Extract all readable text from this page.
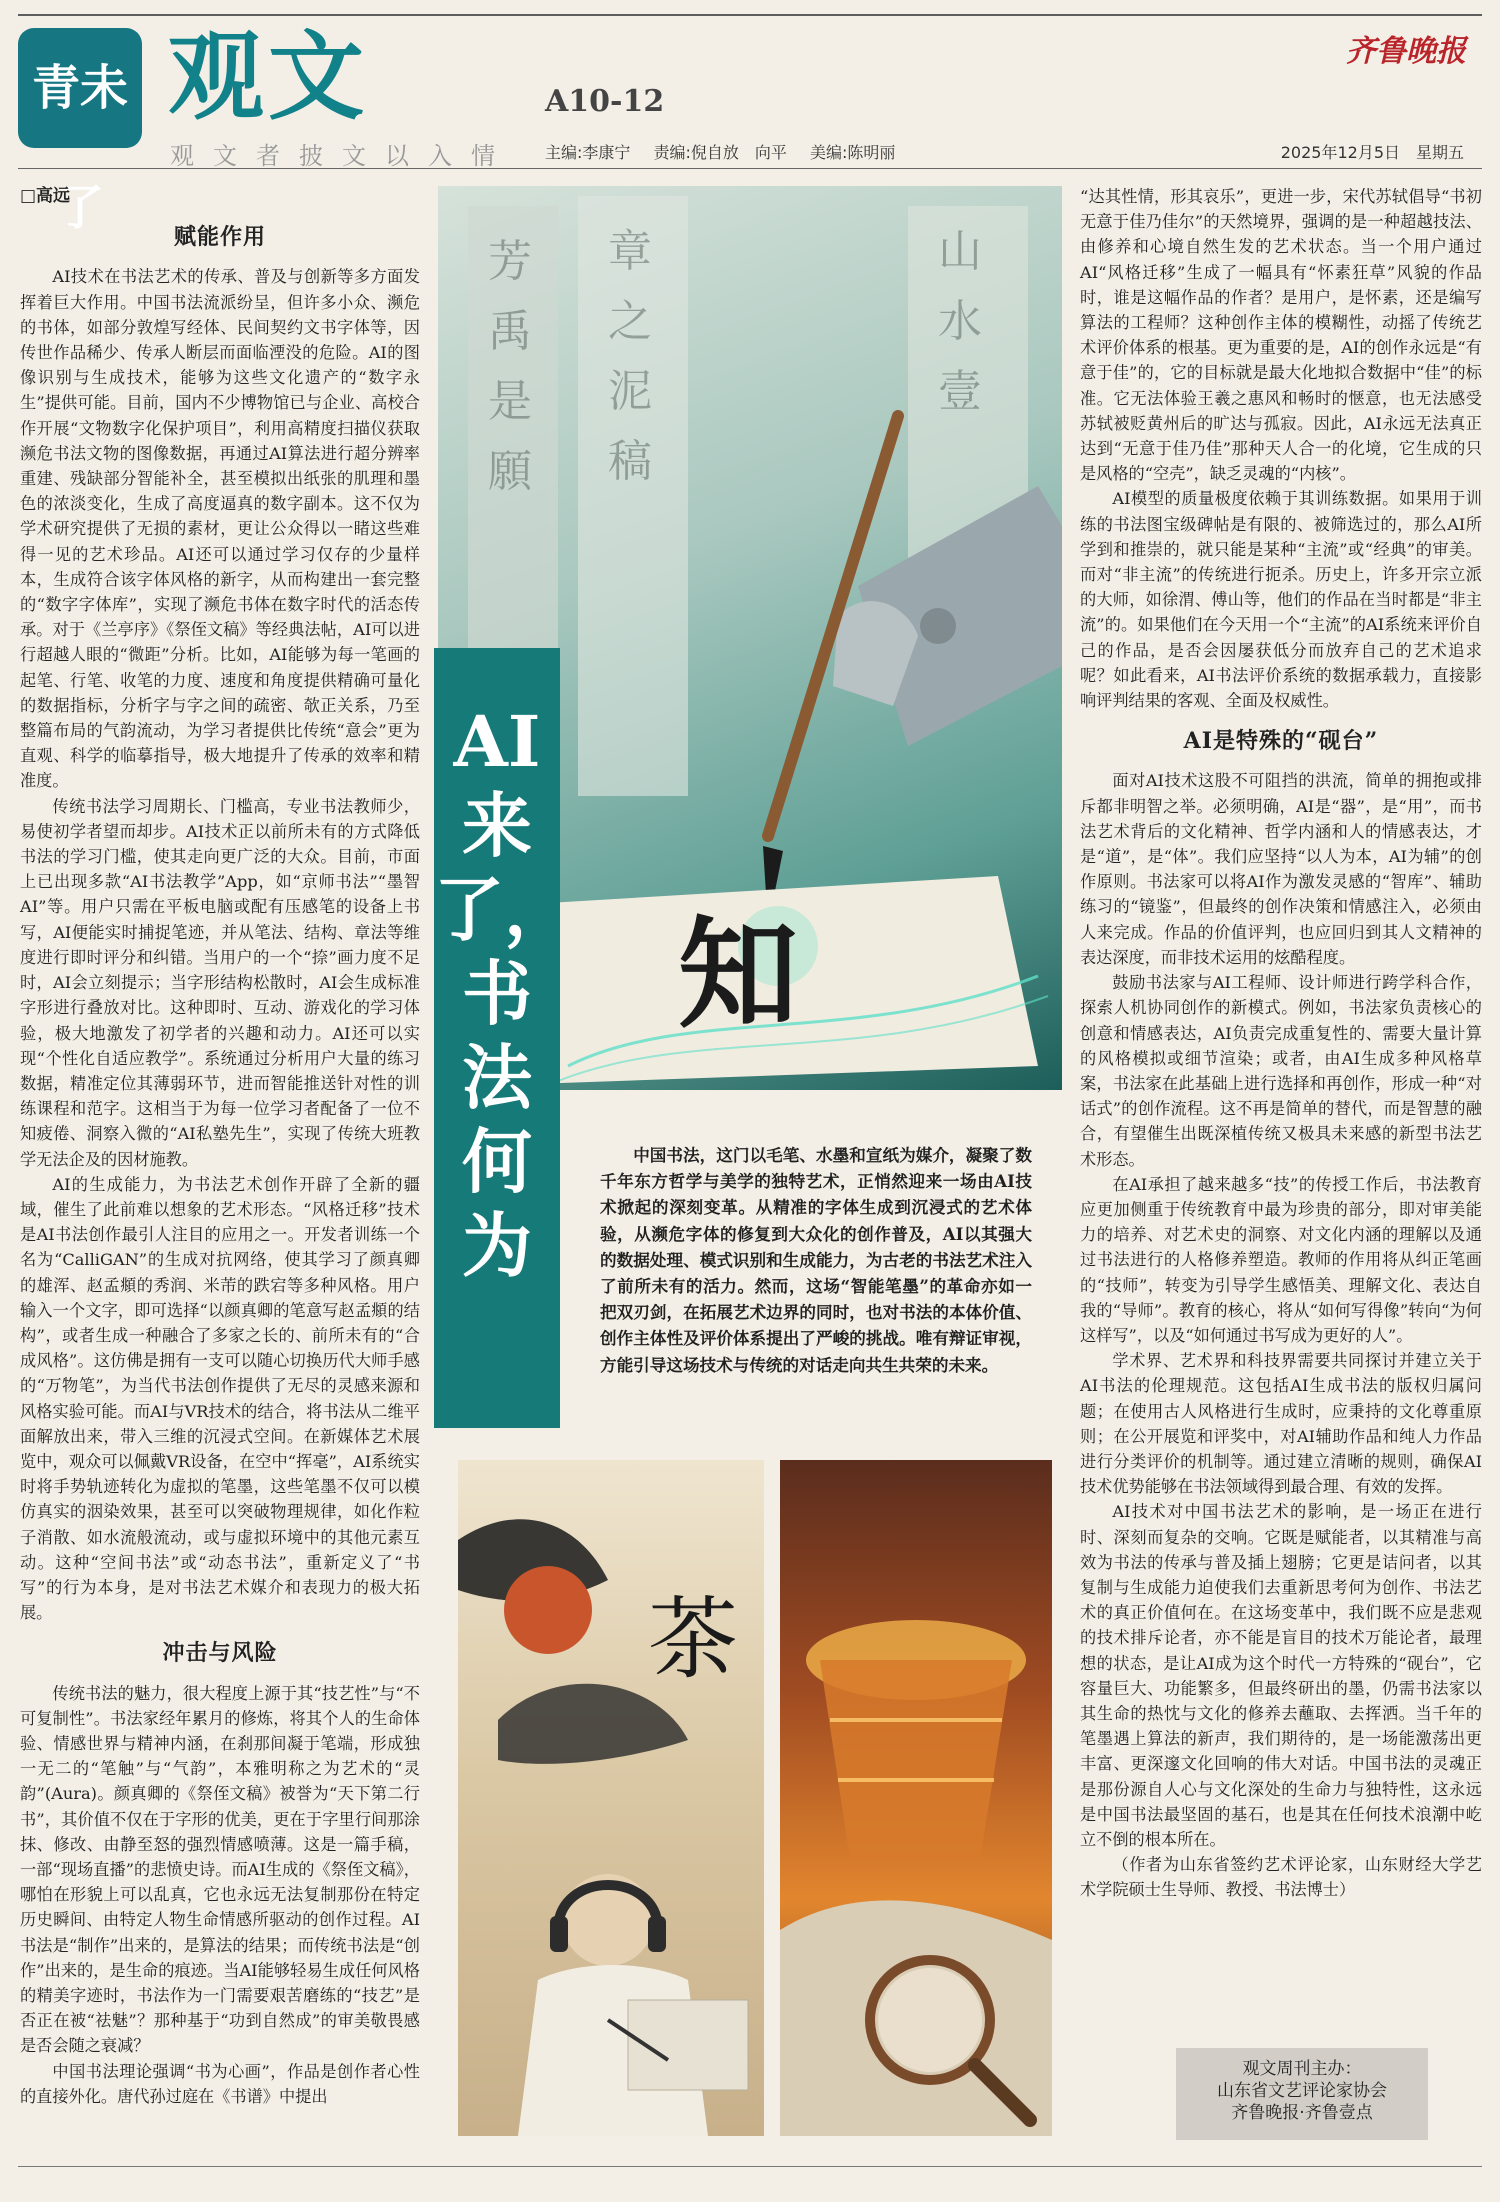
青未了
观文
观文者披文以入情
A10-12
齐鲁晚报
主编:李康宁 责编:倪自放　向平 美编:陈明丽	2025年12月5日　星期五
□高远
赋能作用

AI技术在书法艺术的传承、普及与创新等多方面发挥着巨大作用。中国书法流派纷呈，但许多小众、濒危的书体，如部分敦煌写经体、民间契约文书字体等，因传世作品稀少、传承人断层而面临湮没的危险。AI的图像识别与生成技术，能够为这些文化遗产的“数字永生”提供可能。目前，国内不少博物馆已与企业、高校合作开展“文物数字化保护项目”，利用高精度扫描仪获取濒危书法文物的图像数据，再通过AI算法进行超分辨率重建、残缺部分智能补全，甚至模拟出纸张的肌理和墨色的浓淡变化，生成了高度逼真的数字副本。这不仅为学术研究提供了无损的素材，更让公众得以一睹这些难得一见的艺术珍品。AI还可以通过学习仅存的少量样本，生成符合该字体风格的新字，从而构建出一套完整的“数字字体库”，实现了濒危书体在数字时代的活态传承。对于《兰亭序》《祭侄文稿》等经典法帖，AI可以进行超越人眼的“微距”分析。比如，AI能够为每一笔画的起笔、行笔、收笔的力度、速度和角度提供精确可量化的数据指标，分析字与字之间的疏密、欹正关系，乃至整篇布局的气韵流动，为学习者提供比传统“意会”更为直观、科学的临摹指导，极大地提升了传承的效率和精准度。

传统书法学习周期长、门槛高，专业书法教师少，易使初学者望而却步。AI技术正以前所未有的方式降低书法的学习门槛，使其走向更广泛的大众。目前，市面上已出现多款“AI书法教学”App，如“京师书法”“墨智AI”等。用户只需在平板电脑或配有压感笔的设备上书写，AI便能实时捕捉笔迹，并从笔法、结构、章法等维度进行即时评分和纠错。当用户的一个“捺”画力度不足时，AI会立刻提示；当字形结构松散时，AI会生成标准字形进行叠放对比。这种即时、互动、游戏化的学习体验，极大地激发了初学者的兴趣和动力。AI还可以实现“个性化自适应教学”。系统通过分析用户大量的练习数据，精准定位其薄弱环节，进而智能推送针对性的训练课程和范字。这相当于为每一位学习者配备了一位不知疲倦、洞察入微的“AI私塾先生”，实现了传统大班教学无法企及的因材施教。

AI的生成能力，为书法艺术创作开辟了全新的疆域，催生了此前难以想象的艺术形态。“风格迁移”技术是AI书法创作最引人注目的应用之一。开发者训练一个名为“CalliGAN”的生成对抗网络，使其学习了颜真卿的雄浑、赵孟頫的秀润、米芾的跌宕等多种风格。用户输入一个文字，即可选择“以颜真卿的笔意写赵孟頫的结构”，或者生成一种融合了多家之长的、前所未有的“合成风格”。这仿佛是拥有一支可以随心切换历代大师手感的“万物笔”，为当代书法创作提供了无尽的灵感来源和风格实验可能。而AI与VR技术的结合，将书法从二维平面解放出来，带入三维的沉浸式空间。在新媒体艺术展览中，观众可以佩戴VR设备，在空中“挥毫”，AI系统实时将手势轨迹转化为虚拟的笔墨，这些笔墨不仅可以模仿真实的洇染效果，甚至可以突破物理规律，如化作粒子消散、如水流般流动，或与虚拟环境中的其他元素互动。这种“空间书法”或“动态书法”，重新定义了“书写”的行为本身，是对书法艺术媒介和表现力的极大拓展。

冲击与风险

传统书法的魅力，很大程度上源于其“技艺性”与“不可复制性”。书法家经年累月的修炼，将其个人的生命体验、情感世界与精神内涵，在刹那间凝于笔端，形成独一无二的“笔触”与“气韵”，本雅明称之为艺术的“灵韵”(Aura)。颜真卿的《祭侄文稿》被誉为“天下第二行书”，其价值不仅在于字形的优美，更在于字里行间那涂抹、修改、由静至怒的强烈情感喷薄。这是一篇手稿，一部“现场直播”的悲愤史诗。而AI生成的《祭侄文稿》，哪怕在形貌上可以乱真，它也永远无法复制那份在特定历史瞬间、由特定人物生命情感所驱动的创作过程。AI书法是“制作”出来的，是算法的结果；而传统书法是“创作”出来的，是生命的痕迹。当AI能够轻易生成任何风格的精美字迹时，书法作为一门需要艰苦磨练的“技艺”是否正在被“祛魅”？那种基于“功到自然成”的审美敬畏感是否会随之衰减？

中国书法理论强调“书为心画”，作品是创作者心性的直接外化。唐代孙过庭在《书谱》中提出

芳
禹
是
願
章
之
泥
稿
山
水
壹
知
AI来了，书法何为

中国书法，这门以毛笔、水墨和宣纸为媒介，凝聚了数千年东方哲学与美学的独特艺术，正悄然迎来一场由AI技术掀起的深刻变革。从精准的字体生成到沉浸式的艺术体验，从濒危字体的修复到大众化的创作普及，AI以其强大的数据处理、模式识别和生成能力，为古老的书法艺术注入了前所未有的活力。然而，这场“智能笔墨”的革命亦如一把双刃剑，在拓展艺术边界的同时，也对书法的本体价值、创作主体性及评价体系提出了严峻的挑战。唯有辩证审视，方能引导这场技术与传统的对话走向共生共荣的未来。

茶

“达其性情，形其哀乐”，更进一步，宋代苏轼倡导“书初无意于佳乃佳尔”的天然境界，强调的是一种超越技法、由修养和心境自然生发的艺术状态。当一个用户通过AI“风格迁移”生成了一幅具有“怀素狂草”风貌的作品时，谁是这幅作品的作者？是用户，是怀素，还是编写算法的工程师？这种创作主体的模糊性，动摇了传统艺术评价体系的根基。更为重要的是，AI的创作永远是“有意于佳”的，它的目标就是最大化地拟合数据中“佳”的标准。它无法体验王羲之惠风和畅时的惬意，也无法感受苏轼被贬黄州后的旷达与孤寂。因此，AI永远无法真正达到“无意于佳乃佳”那种天人合一的化境，它生成的只是风格的“空壳”，缺乏灵魂的“内核”。

AI模型的质量极度依赖于其训练数据。如果用于训练的书法图宝级碑帖是有限的、被筛选过的，那么AI所学到和推崇的，就只能是某种“主流”或“经典”的审美。而对“非主流”的传统进行扼杀。历史上，许多开宗立派的大师，如徐渭、傅山等，他们的作品在当时都是“非主流”的。如果他们在今天用一个“主流”的AI系统来评价自己的作品，是否会因屡获低分而放弃自己的艺术追求呢？如此看来，AI书法评价系统的数据承载力，直接影响评判结果的客观、全面及权威性。

AI是特殊的“砚台”

面对AI技术这股不可阻挡的洪流，简单的拥抱或排斥都非明智之举。必须明确，AI是“器”，是“用”，而书法艺术背后的文化精神、哲学内涵和人的情感表达，才是“道”，是“体”。我们应坚持“以人为本，AI为辅”的创作原则。书法家可以将AI作为激发灵感的“智库”、辅助练习的“镜鉴”，但最终的创作决策和情感注入，必须由人来完成。作品的价值评判，也应回归到其人文精神的表达深度，而非技术运用的炫酷程度。

鼓励书法家与AI工程师、设计师进行跨学科合作，探索人机协同创作的新模式。例如，书法家负责核心的创意和情感表达，AI负责完成重复性的、需要大量计算的风格模拟或细节渲染；或者，由AI生成多种风格草案，书法家在此基础上进行选择和再创作，形成一种“对话式”的创作流程。这不再是简单的替代，而是智慧的融合，有望催生出既深植传统又极具未来感的新型书法艺术形态。

在AI承担了越来越多“技”的传授工作后，书法教育应更加侧重于传统教育中最为珍贵的部分，即对审美能力的培养、对艺术史的洞察、对文化内涵的理解以及通过书法进行的人格修养塑造。教师的作用将从纠正笔画的“技师”，转变为引导学生感悟美、理解文化、表达自我的“导师”。教育的核心，将从“如何写得像”转向“为何这样写”，以及“如何通过书写成为更好的人”。

学术界、艺术界和科技界需要共同探讨并建立关于AI书法的伦理规范。这包括AI生成书法的版权归属问题；在使用古人风格进行生成时，应秉持的文化尊重原则；在公开展览和评奖中，对AI辅助作品和纯人力作品进行分类评价的机制等。通过建立清晰的规则，确保AI技术优势能够在书法领域得到最合理、有效的发挥。

AI技术对中国书法艺术的影响，是一场正在进行时、深刻而复杂的交响。它既是赋能者，以其精准与高效为书法的传承与普及插上翅膀；它更是诘问者，以其复制与生成能力迫使我们去重新思考何为创作、书法艺术的真正价值何在。在这场变革中，我们既不应是悲观的技术排斥论者，亦不能是盲目的技术万能论者，最理想的状态，是让AI成为这个时代一方特殊的“砚台”，它容量巨大、功能繁多，但最终研出的墨，仍需书法家以其生命的热忱与文化的修养去蘸取、去挥洒。当千年的笔墨遇上算法的新声，我们期待的，是一场能激荡出更丰富、更深邃文化回响的伟大对话。中国书法的灵魂正是那份源自人心与文化深处的生命力与独特性，这永远是中国书法最坚固的基石，也是其在任何技术浪潮中屹立不倒的根本所在。

（作者为山东省签约艺术评论家，山东财经大学艺术学院硕士生导师、教授、书法博士）

观文周刊主办：
山东省文艺评论家协会
齐鲁晚报·齐鲁壹点
